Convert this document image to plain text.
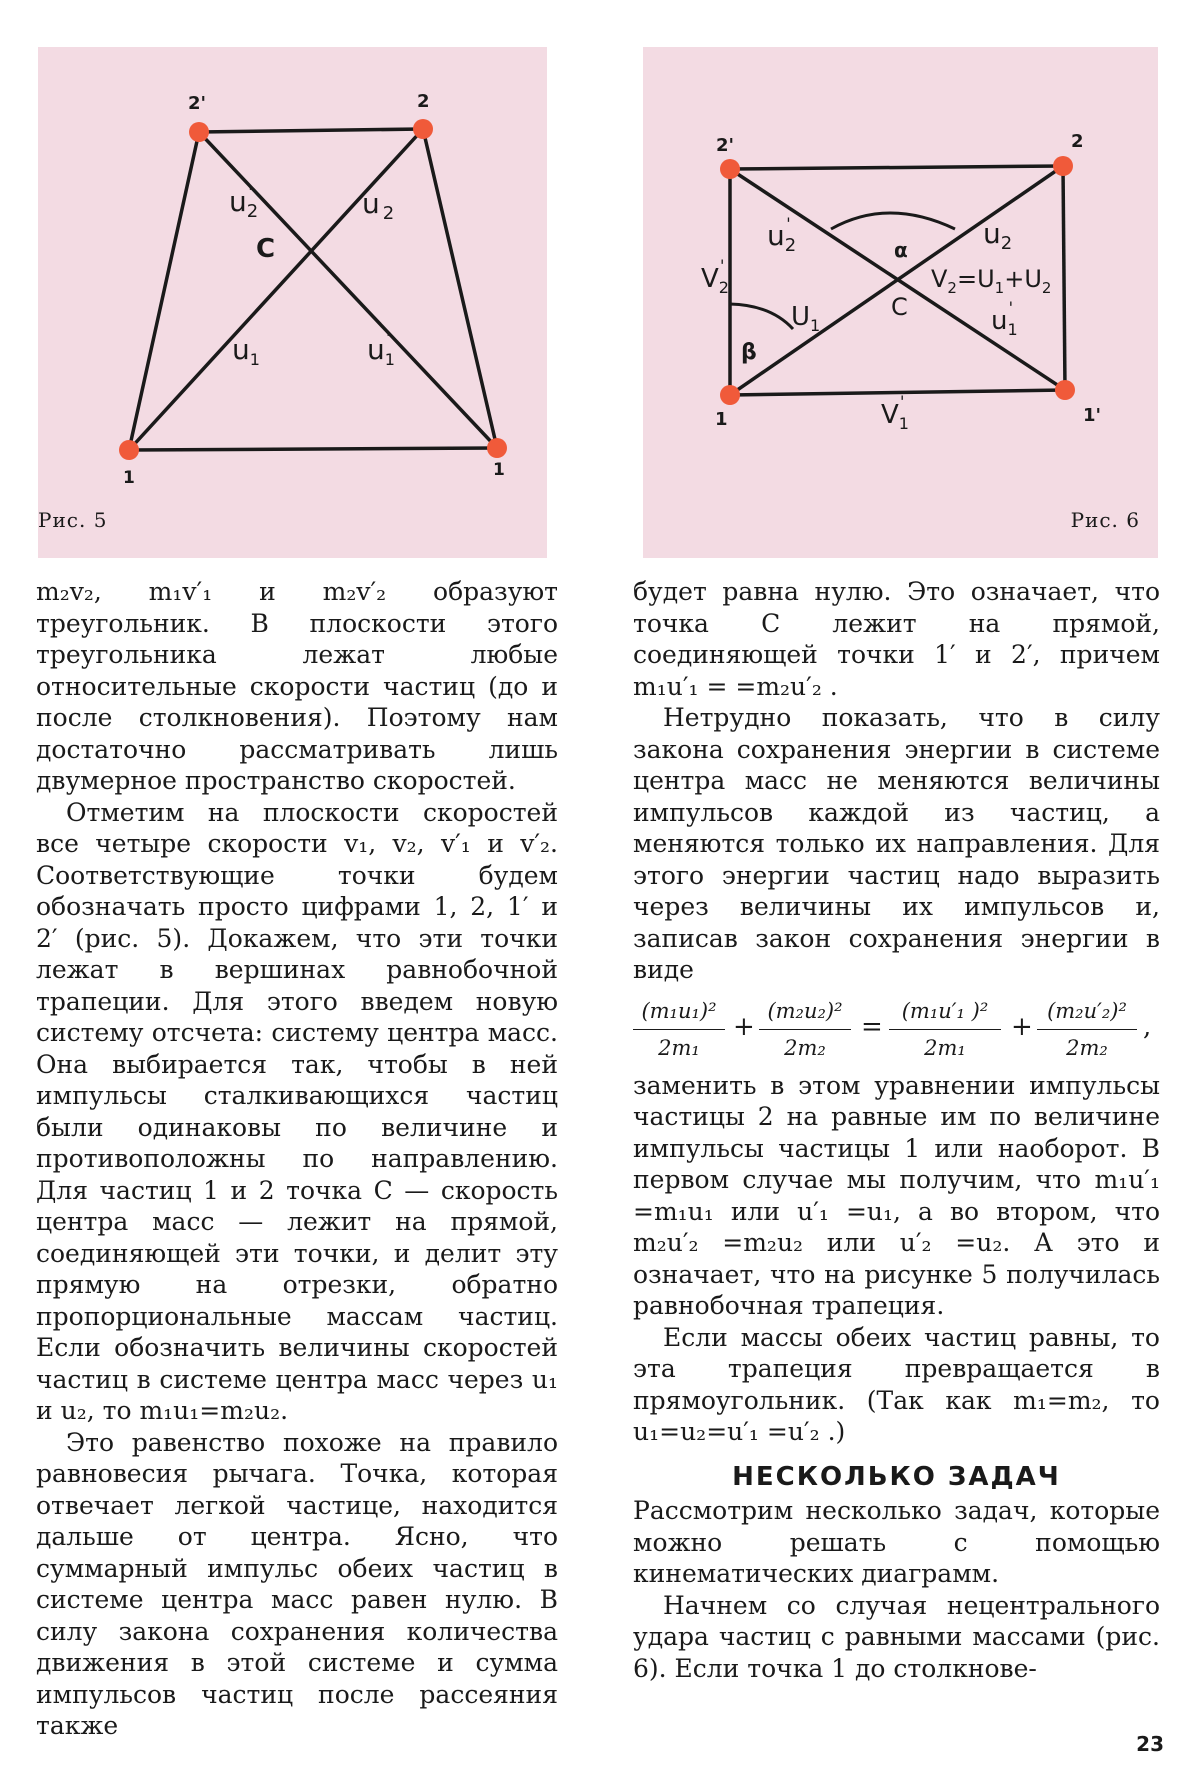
2'	2
1	1
$u_2'$	u $_2$
C
$u_1$	$u_1'$
Рис. 5
2'	2
1	1'
$u_2'$	$u_2$
α
$V_2=U_1+U_2$
$V_2'$
$U_1$
C	$u_1'$
β
$V_1'$
Рис. 6

m₂v₂, m₁v′₁ и m₂v′₂ образуют треугольник. В плоскости этого треугольника лежат любые относительные скорости частиц (до и после столкновения). Поэтому нам достаточно рассматривать лишь двумерное пространство скоростей.

Отметим на плоскости скоростей все четыре скорости v₁, v₂, v′₁ и v′₂. Соответствующие точки будем обозначать просто цифрами 1, 2, 1′ и 2′ (рис. 5). Докажем, что эти точки лежат в вершинах равнобочной трапеции. Для этого введем новую систему отсчета: систему центра масс. Она выбирается так, чтобы в ней импульсы сталкивающихся частиц были одинаковы по величине и противоположны по направлению. Для частиц 1 и 2 точка C — скорость центра масс — лежит на прямой, соединяющей эти точки, и делит эту прямую на отрезки, обратно пропорциональные массам частиц. Если обозначить величины скоростей частиц в системе центра масс через u₁ и u₂, то m₁u₁=m₂u₂.

Это равенство похоже на правило равновесия рычага. Точка, которая отвечает легкой частице, находится дальше от центра. Ясно, что суммарный импульс обеих частиц в системе центра масс равен нулю. В силу закона сохранения количества движения в этой системе и сумма импульсов частиц после рассеяния также

будет равна нулю. Это означает, что точка C лежит на прямой, соединяющей точки 1′ и 2′, причем m₁u′₁ = =m₂u′₂ .

Нетрудно показать, что в силу закона сохранения энергии в системе центра масс не меняются величины импульсов каждой из частиц, а меняются только их направления. Для этого энергии частиц надо выразить через величины их импульсов и, записав закон сохранения энергии в виде

$\frac{\text{(m₁u₁)²}}{\text{2m₁}} + \frac{\text{(m₂u₂)²}}{\text{2m₂}} = \frac{\text{(m₁u′₁ )²}}{\text{2m₁}} + \frac{\text{(m₂u′₂)²}}{\text{2m₂}}$ ,

заменить в этом уравнении импульсы частицы 2 на равные им по величине импульсы частицы 1 или наоборот. В первом случае мы получим, что m₁u′₁ =m₁u₁ или u′₁ =u₁, а во втором, что m₂u′₂ =m₂u₂ или u′₂ =u₂. А это и означает, что на рисунке 5 получилась равнобочная трапеция.

Если массы обеих частиц равны, то эта трапеция превращается в прямоугольник. (Так как m₁=m₂, то u₁=u₂=u′₁ =u′₂ .)

НЕСКОЛЬКО ЗАДАЧ

Рассмотрим несколько задач, которые можно решать с помощью кинематических диаграмм.

Начнем со случая нецентрального удара частиц с равными массами (рис. 6). Если точка 1 до столкнове-

23
